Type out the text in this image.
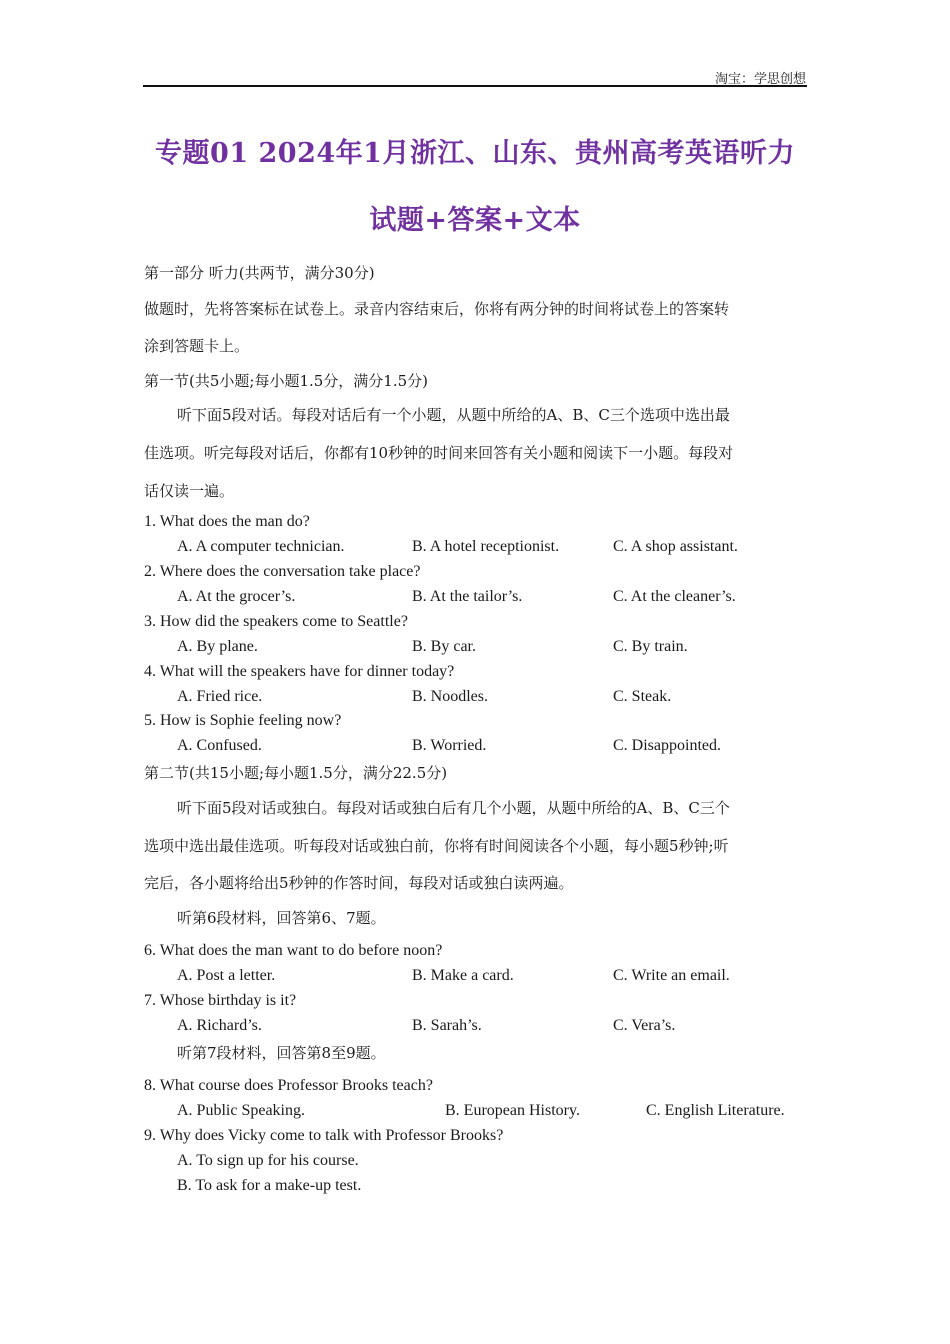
淘宝：学思创想
专题01 2024年1月浙江、山东、贵州高考英语听力
试题+答案+文本
第一部分 听力(共两节，满分30分)
做题时，先将答案标在试卷上。录音内容结束后，你将有两分钟的时间将试卷上的答案转
涂到答题卡上。
第一节(共5小题;每小题1.5分，满分1.5分)
听下面5段对话。每段对话后有一个小题，从题中所给的A、B、C三个选项中选出最
佳选项。听完每段对话后，你都有10秒钟的时间来回答有关小题和阅读下一小题。每段对
话仅读一遍。
1. What does the man do?
A. A computer technician.	B. A hotel receptionist.	C. A shop assistant.
2. Where does the conversation take place?
A. At the grocer’s.	B. At the tailor’s.	C. At the cleaner’s.
3. How did the speakers come to Seattle?
A. By plane.	B. By car.	C. By train.
4. What will the speakers have for dinner today?
A. Fried rice.	B. Noodles.	C. Steak.
5. How is Sophie feeling now?
A. Confused.	B. Worried.	C. Disappointed.
第二节(共15小题;每小题1.5分，满分22.5分)
听下面5段对话或独白。每段对话或独白后有几个小题，从题中所给的A、B、C三个
选项中选出最佳选项。听每段对话或独白前，你将有时间阅读各个小题，每小题5秒钟;听
完后，各小题将给出5秒钟的作答时间，每段对话或独白读两遍。
听第6段材料，回答第6、7题。
6. What does the man want to do before noon?
A. Post a letter.	B. Make a card.	C. Write an email.
7. Whose birthday is it?
A. Richard’s.	B. Sarah’s.	C. Vera’s.
听第7段材料，回答第8至9题。
8. What course does Professor Brooks teach?
A. Public Speaking.	B. European History.	C. English Literature.
9. Why does Vicky come to talk with Professor Brooks?
A. To sign up for his course.
B. To ask for a make-up test.
